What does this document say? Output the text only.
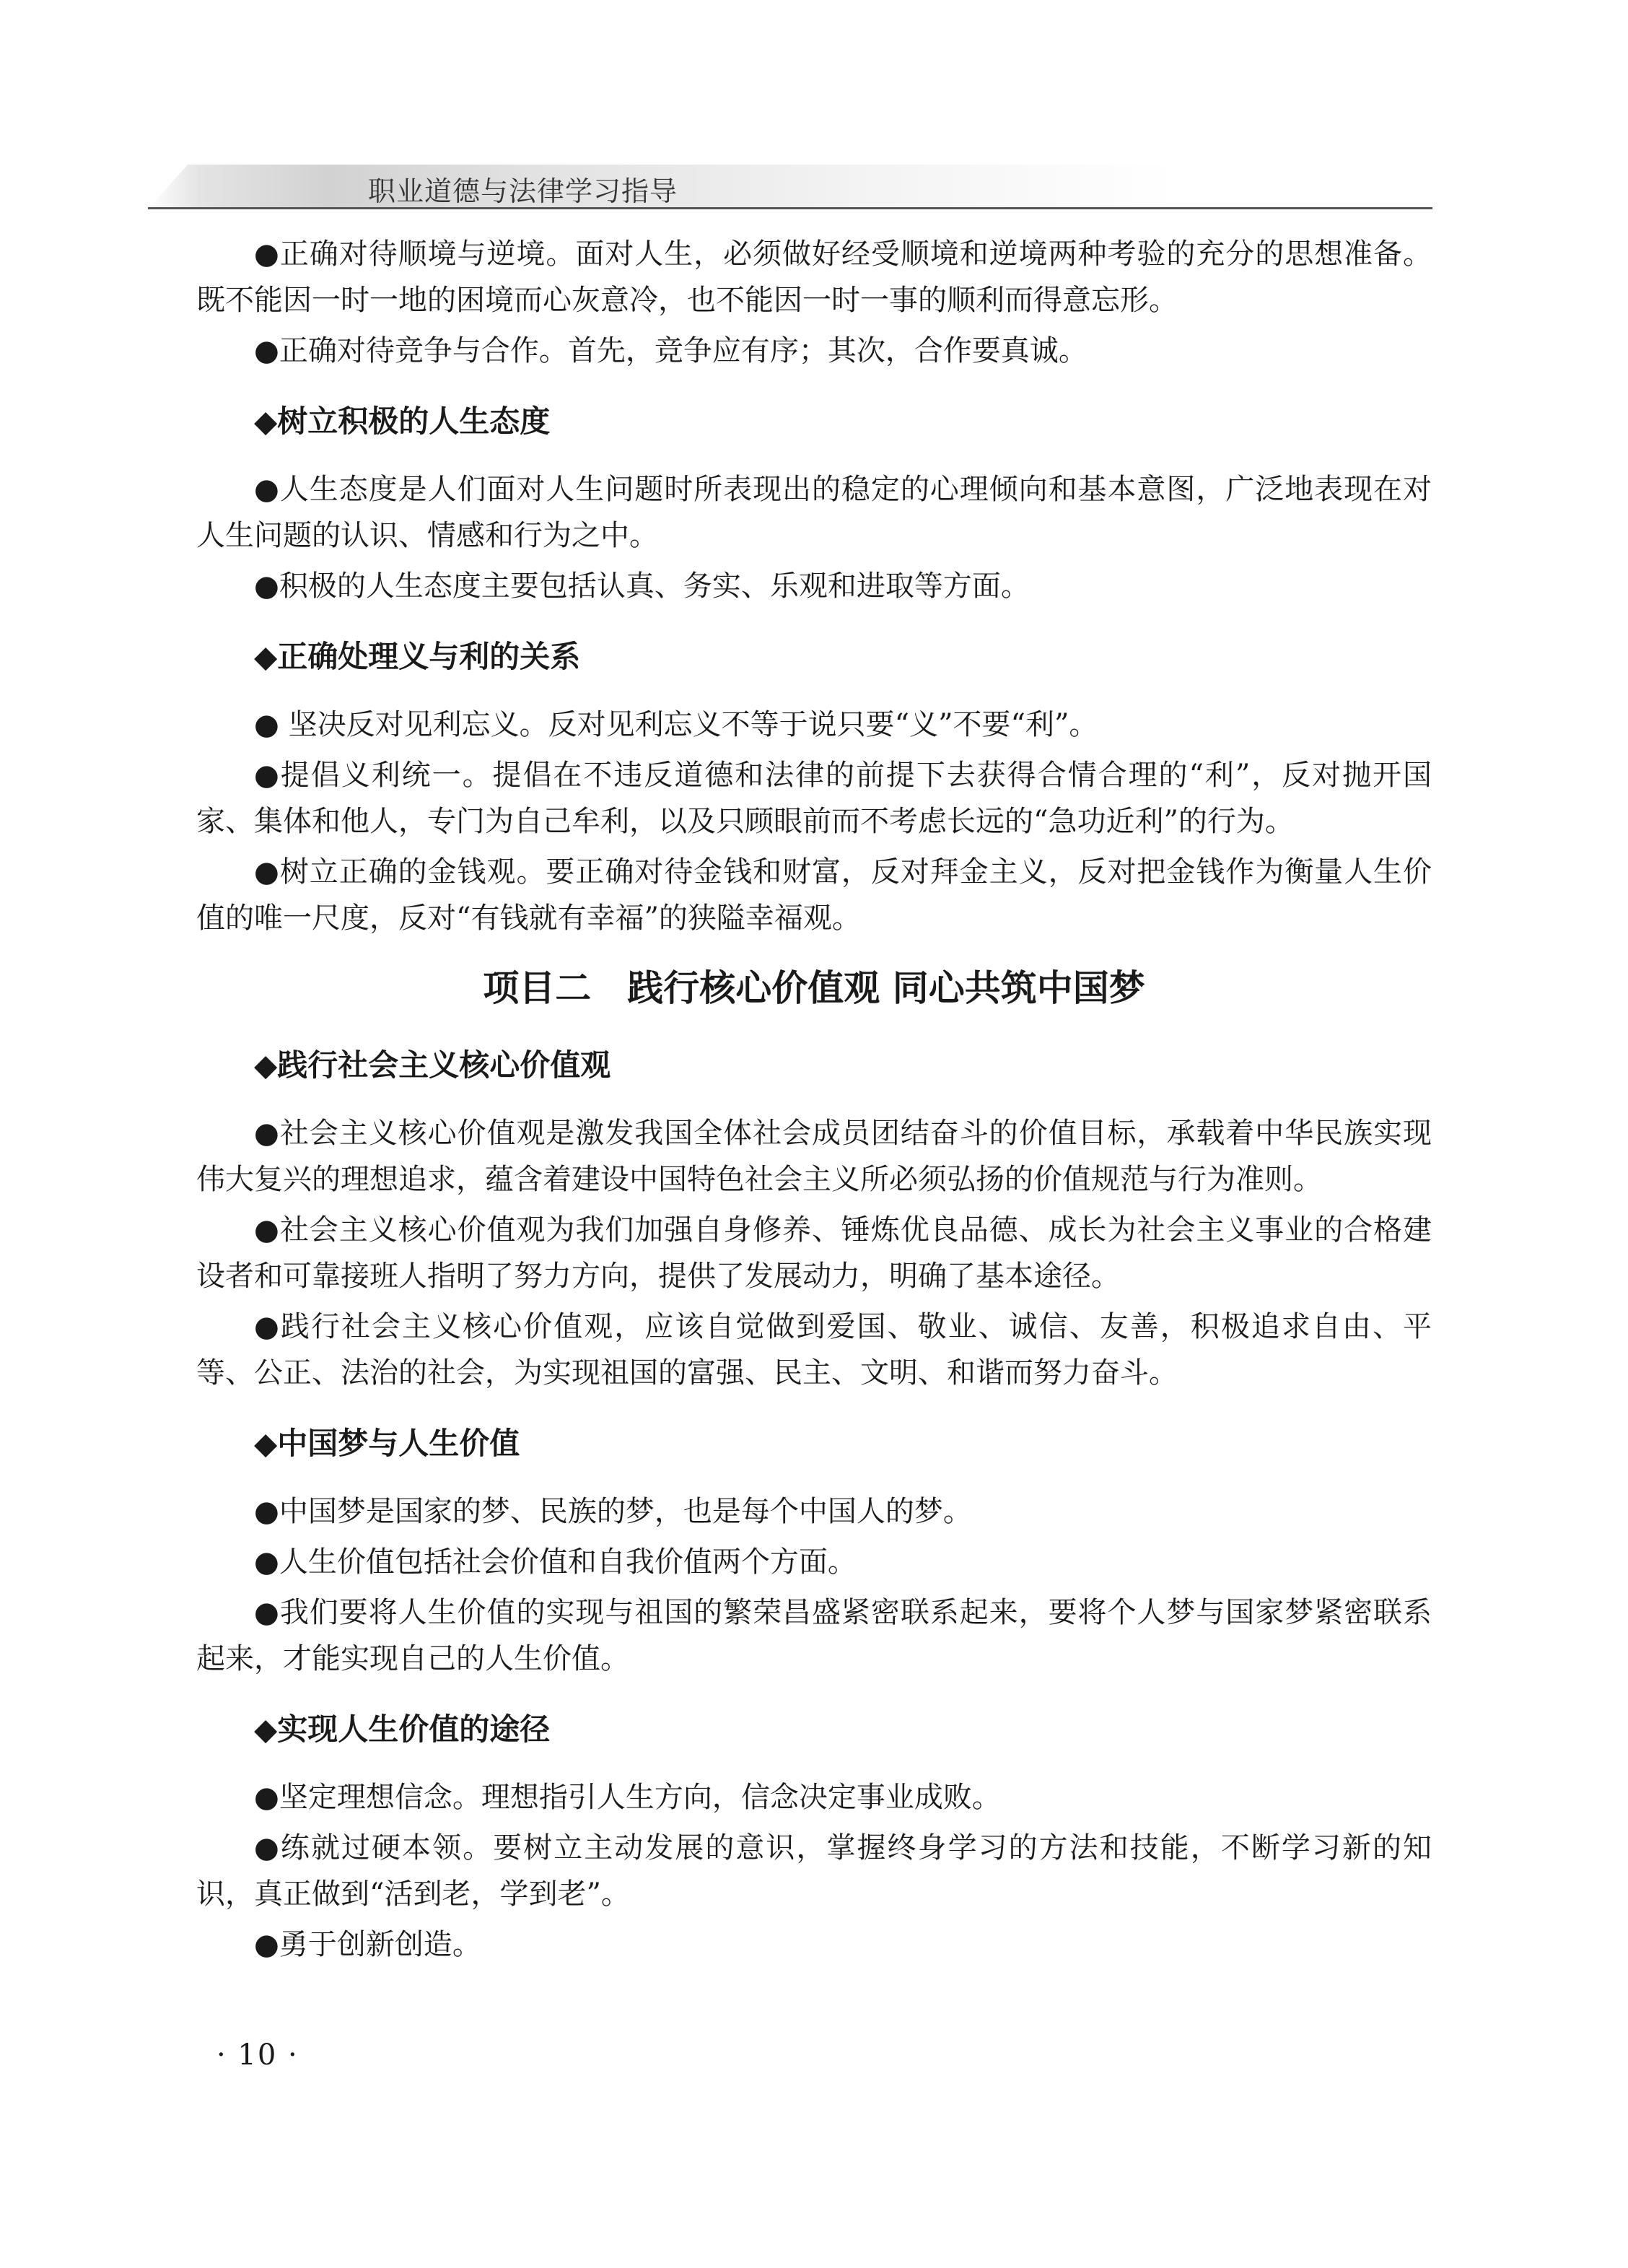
职业道德与法律学习指导

●正确对待顺境与逆境。面对人生，必须做好经受顺境和逆境两种考验的充分的思想准备。既不能因一时一地的困境而心灰意冷，也不能因一时一事的顺利而得意忘形。

●正确对待竞争与合作。首先，竞争应有序；其次，合作要真诚。

◆树立积极的人生态度

●人生态度是人们面对人生问题时所表现出的稳定的心理倾向和基本意图，广泛地表现在对人生问题的认识、情感和行为之中。

●积极的人生态度主要包括认真、务实、乐观和进取等方面。

◆正确处理义与利的关系

● 坚决反对见利忘义。反对见利忘义不等于说只要“义”不要“利”。

●提倡义利统一。提倡在不违反道德和法律的前提下去获得合情合理的“利”，反对抛开国家、集体和他人，专门为自己牟利，以及只顾眼前而不考虑长远的“急功近利”的行为。

●树立正确的金钱观。要正确对待金钱和财富，反对拜金主义，反对把金钱作为衡量人生价值的唯一尺度，反对“有钱就有幸福”的狭隘幸福观。

项目二　践行核心价值观 同心共筑中国梦
◆践行社会主义核心价值观

●社会主义核心价值观是激发我国全体社会成员团结奋斗的价值目标，承载着中华民族实现伟大复兴的理想追求，蕴含着建设中国特色社会主义所必须弘扬的价值规范与行为准则。

●社会主义核心价值观为我们加强自身修养、锤炼优良品德、成长为社会主义事业的合格建设者和可靠接班人指明了努力方向，提供了发展动力，明确了基本途径。

●践行社会主义核心价值观，应该自觉做到爱国、敬业、诚信、友善，积极追求自由、平等、公正、法治的社会，为实现祖国的富强、民主、文明、和谐而努力奋斗。

◆中国梦与人生价值

●中国梦是国家的梦、民族的梦，也是每个中国人的梦。

●人生价值包括社会价值和自我价值两个方面。

●我们要将人生价值的实现与祖国的繁荣昌盛紧密联系起来，要将个人梦与国家梦紧密联系起来，才能实现自己的人生价值。

◆实现人生价值的途径

●坚定理想信念。理想指引人生方向，信念决定事业成败。

●练就过硬本领。要树立主动发展的意识，掌握终身学习的方法和技能，不断学习新的知识，真正做到“活到老，学到老”。

●勇于创新创造。

· 10 ·
